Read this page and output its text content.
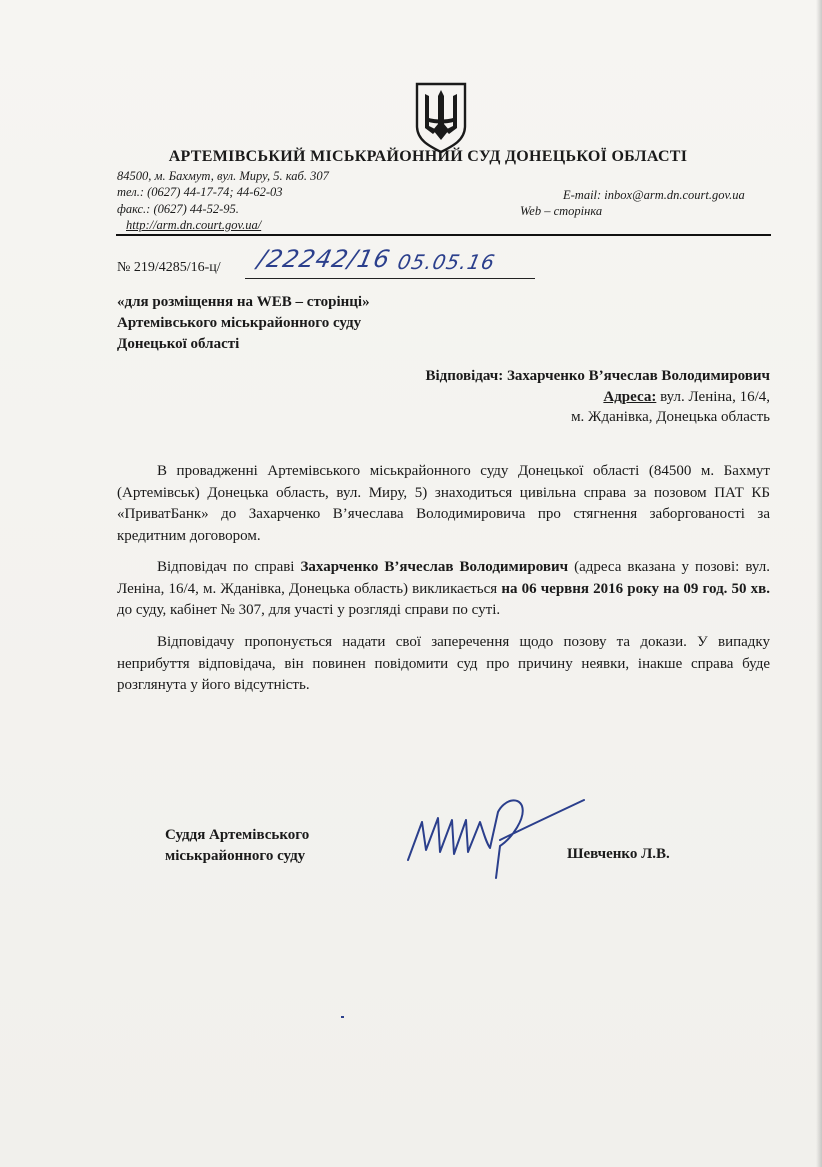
АРТЕМІВСЬКИЙ МІСЬКРАЙОННИЙ СУД ДОНЕЦЬКОЇ ОБЛАСТІ
84500, м. Бахмут, вул. Миру, 5. каб. 307
тел.: (0627) 44-17-74; 44-62-03
факс.: (0627) 44-52-95.
http://arm.dn.court.gov.ua/
E-mail: inbox@arm.dn.court.gov.ua
Web – сторінка
№ 219/4285/16-ц/ /22242/16 05.05.16
«для розміщення на WEB – сторінці»
Артемівського міськрайонного суду
Донецької області
Відповідач: Захарченко В’ячеслав Володимирович
Адреса: вул. Леніна, 16/4,
м. Жданівка, Донецька область

В провадженні Артемівського міськрайонного суду Донецької області (84500 м. Бахмут (Артемівськ) Донецька область, вул. Миру, 5) знаходиться цивільна справа за позовом ПАТ КБ «ПриватБанк» до Захарченко В’ячеслава Володимировича про стягнення заборгованості за кредитним договором.

Відповідач по справі Захарченко В’ячеслав Володимирович (адреса вказана у позові: вул. Леніна, 16/4, м. Жданівка, Донецька область) викликається на 06 червня 2016 року на 09 год. 50 хв. до суду, кабінет № 307, для участі у розгляді справи по суті.

Відповідачу пропонується надати свої заперечення щодо позову та докази. У випадку неприбуття відповідача, він повинен повідомити суд про причину неявки, інакше справа буде розглянута у його відсутність.

Суддя Артемівського
міськрайонного суду	Шевченко Л.В.
